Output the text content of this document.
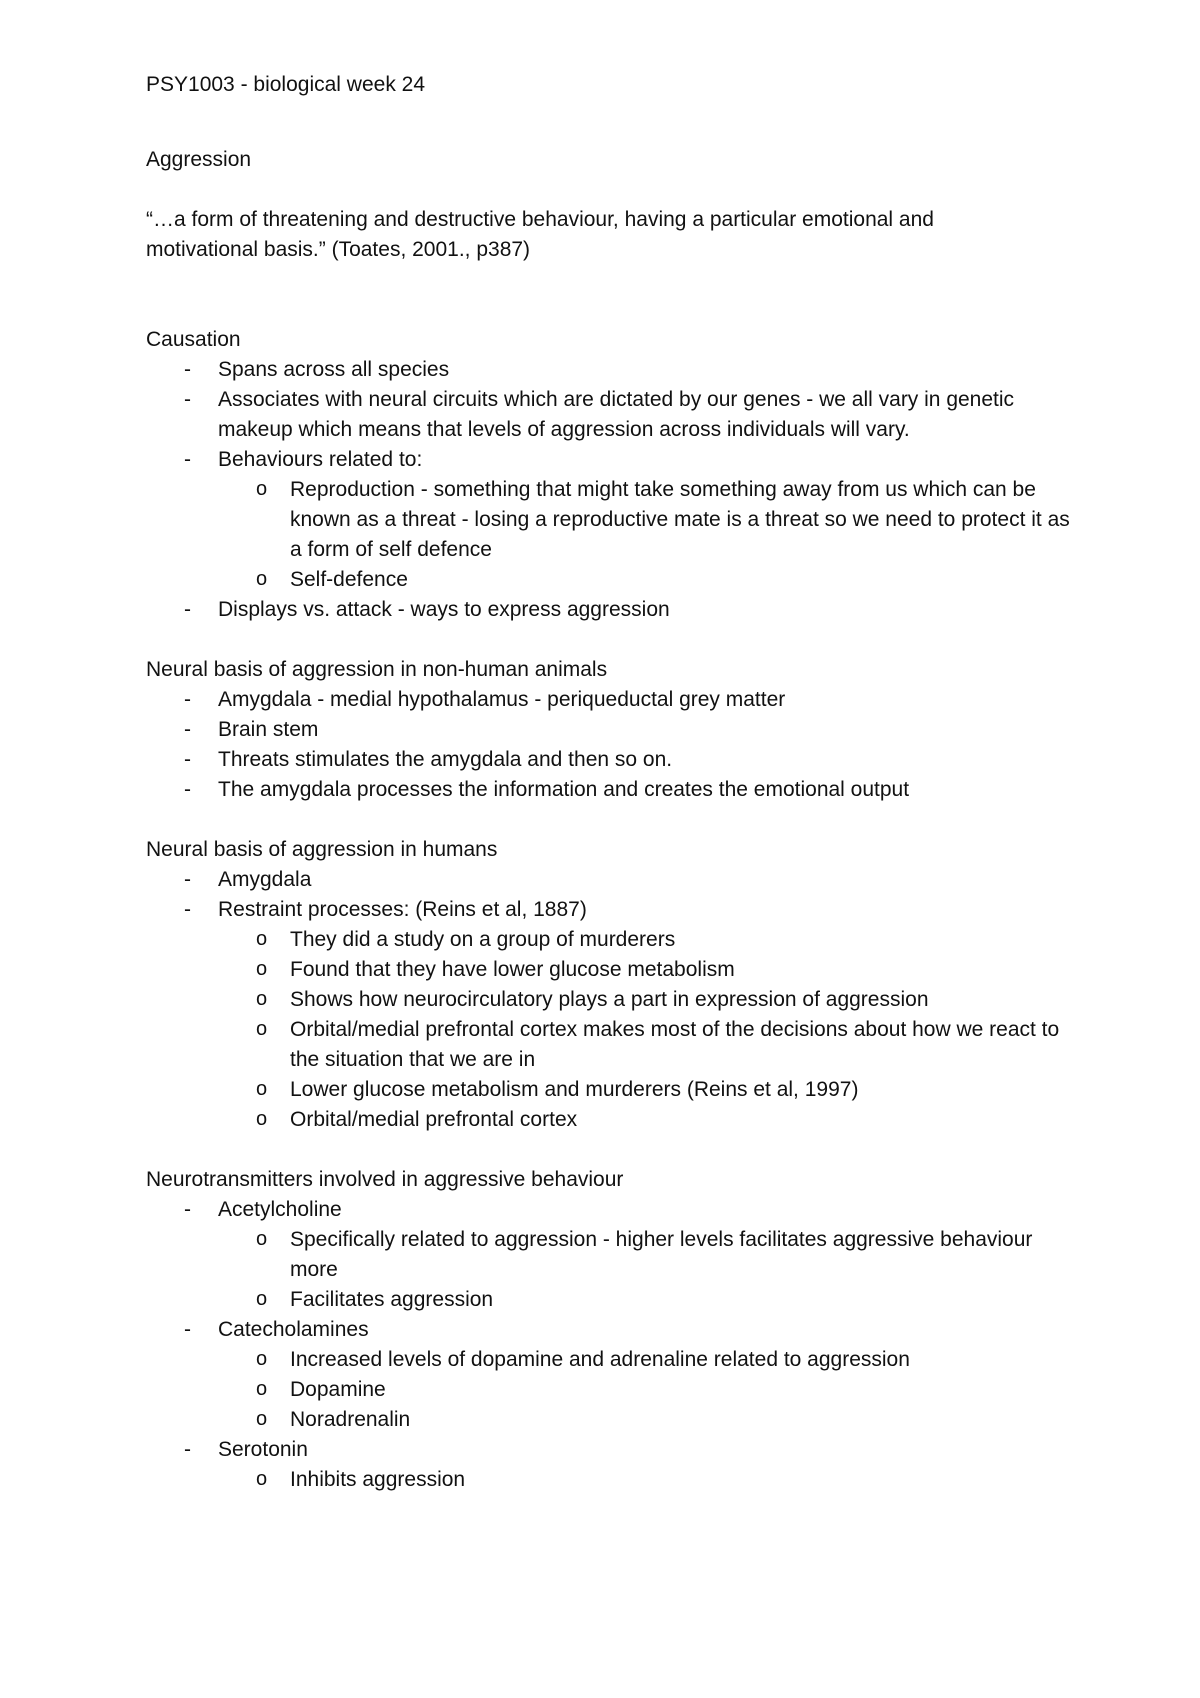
PSY1003 - biological week 24

Aggression

“…a form of threatening and destructive behaviour, having a particular emotional and

motivational basis.” (Toates, 2001., p387)

Causation

- Spans across all species
- Associates with neural circuits which are dictated by our genes - we all vary in genetic makeup which means that levels of aggression across individuals will vary.
- Behaviours related to:
o Reproduction - something that might take something away from us which can be known as a threat - losing a reproductive mate is a threat so we need to protect it as a form of self defence
o Self-defence
- Displays vs. attack - ways to express aggression

Neural basis of aggression in non-human animals

- Amygdala - medial hypothalamus - periqueductal grey matter
- Brain stem
- Threats stimulates the amygdala and then so on.
- The amygdala processes the information and creates the emotional output

Neural basis of aggression in humans

- Amygdala
- Restraint processes: (Reins et al, 1887)
o They did a study on a group of murderers
o Found that they have lower glucose metabolism
o Shows how neurocirculatory plays a part in expression of aggression
o Orbital/medial prefrontal cortex makes most of the decisions about how we react to the situation that we are in
o Lower glucose metabolism and murderers (Reins et al, 1997)
o Orbital/medial prefrontal cortex

Neurotransmitters involved in aggressive behaviour

- Acetylcholine
o Specifically related to aggression - higher levels facilitates aggressive behaviour more
o Facilitates aggression
- Catecholamines
o Increased levels of dopamine and adrenaline related to aggression
o Dopamine
o Noradrenalin
- Serotonin
o Inhibits aggression
